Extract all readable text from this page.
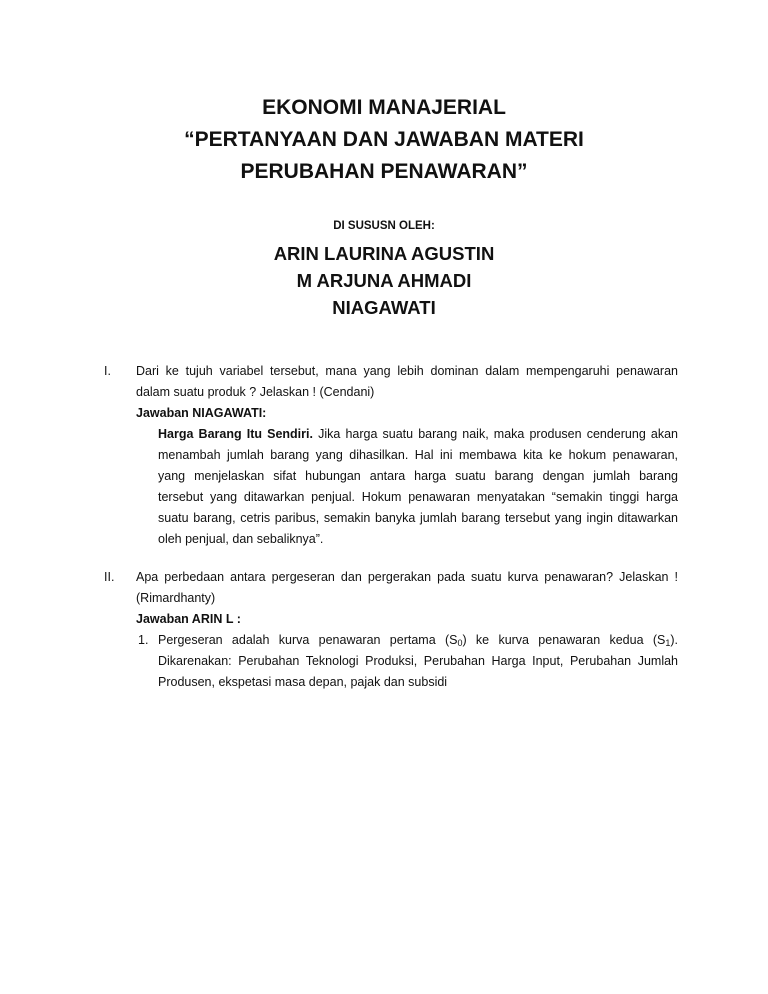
EKONOMI MANAJERIAL
“PERTANYAAN DAN JAWABAN MATERI
PERUBAHAN PENAWARAN”
DI SUSUSN OLEH:
ARIN LAURINA AGUSTIN
M ARJUNA AHMADI
NIAGAWATI
I.	Dari ke tujuh variabel tersebut, mana yang lebih dominan dalam mempengaruhi penawaran
dalam suatu produk ? Jelaskan ! (Cendani)
Jawaban NIAGAWATI:
Harga Barang Itu Sendiri. Jika harga suatu barang naik, maka produsen cenderung akan
menambah jumlah barang yang dihasilkan. Hal ini membawa kita ke hokum penawaran,
yang menjelaskan sifat hubungan antara harga suatu barang dengan jumlah barang
tersebut yang ditawarkan penjual. Hokum penawaran menyatakan “semakin tinggi harga
suatu barang, cetris paribus, semakin banyka jumlah barang tersebut yang ingin ditawarkan
oleh penjual, dan sebaliknya”.
II.	Apa perbedaan antara pergeseran dan pergerakan pada suatu kurva penawaran? Jelaskan !
(Rimardhanty)
Jawaban ARIN L :
1. Pergeseran adalah kurva penawaran pertama $(S_0)$ ke kurva penawaran kedua $(S_1)$.
Dikarenakan: Perubahan Teknologi Produksi, Perubahan Harga Input, Perubahan Jumlah
Produsen, ekspetasi masa depan, pajak dan subsidi
